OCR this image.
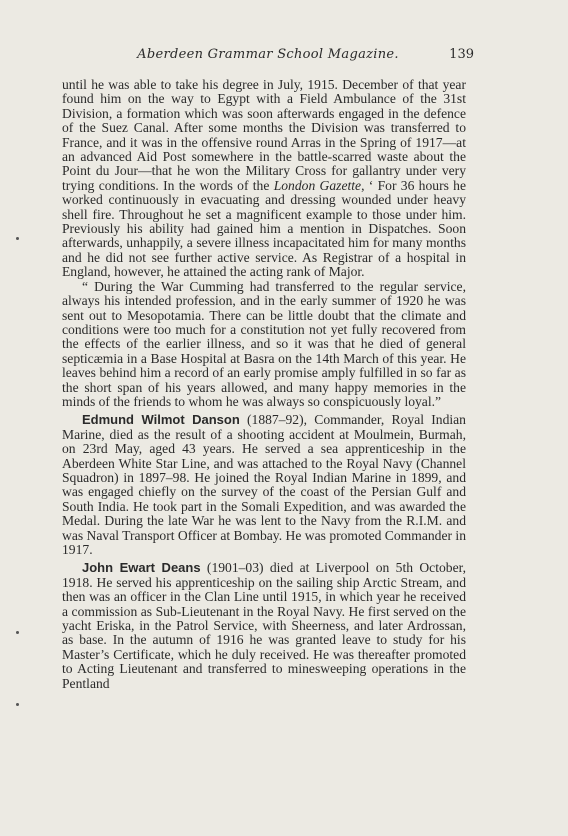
Aberdeen Grammar School Magazine.	139

until he was able to take his degree in July, 1915. December of that year found him on the way to Egypt with a Field Ambulance of the 31st Division, a formation which was soon afterwards engaged in the defence of the Suez Canal. After some months the Division was transferred to France, and it was in the offensive round Arras in the Spring of 1917—at an advanced Aid Post somewhere in the battle-scarred waste about the Point du Jour—that he won the Military Cross for gallantry under very trying conditions. In the words of the London Gazette, ‘ For 36 hours he worked continuously in evacuating and dressing wounded under heavy shell fire. Throughout he set a magnificent example to those under him. Previously his ability had gained him a mention in Dispatches. Soon afterwards, unhappily, a severe illness incapacitated him for many months and he did not see further active service. As Registrar of a hospital in England, however, he attained the acting rank of Major.

“ During the War Cumming had transferred to the regular service, always his intended profession, and in the early summer of 1920 he was sent out to Mesopotamia. There can be little doubt that the climate and conditions were too much for a constitution not yet fully recovered from the effects of the earlier illness, and so it was that he died of general septicæmia in a Base Hospital at Basra on the 14th March of this year. He leaves behind him a record of an early promise amply fulfilled in so far as the short span of his years allowed, and many happy memories in the minds of the friends to whom he was always so conspicuously loyal.”

Edmund Wilmot Danson (1887–92), Commander, Royal Indian Marine, died as the result of a shooting accident at Moulmein, Burmah, on 23rd May, aged 43 years. He served a sea apprenticeship in the Aberdeen White Star Line, and was attached to the Royal Navy (Channel Squadron) in 1897–98. He joined the Royal Indian Marine in 1899, and was engaged chiefly on the survey of the coast of the Persian Gulf and South India. He took part in the Somali Expedition, and was awarded the Medal. During the late War he was lent to the Navy from the R.I.M. and was Naval Transport Officer at Bombay. He was promoted Commander in 1917.

John Ewart Deans (1901–03) died at Liverpool on 5th October, 1918. He served his apprenticeship on the sailing ship Arctic Stream, and then was an officer in the Clan Line until 1915, in which year he received a commission as Sub-Lieutenant in the Royal Navy. He first served on the yacht Eriska, in the Patrol Service, with Sheerness, and later Ardrossan, as base. In the autumn of 1916 he was granted leave to study for his Master’s Certificate, which he duly received. He was thereafter promoted to Acting Lieutenant and transferred to minesweeping operations in the Pentland
